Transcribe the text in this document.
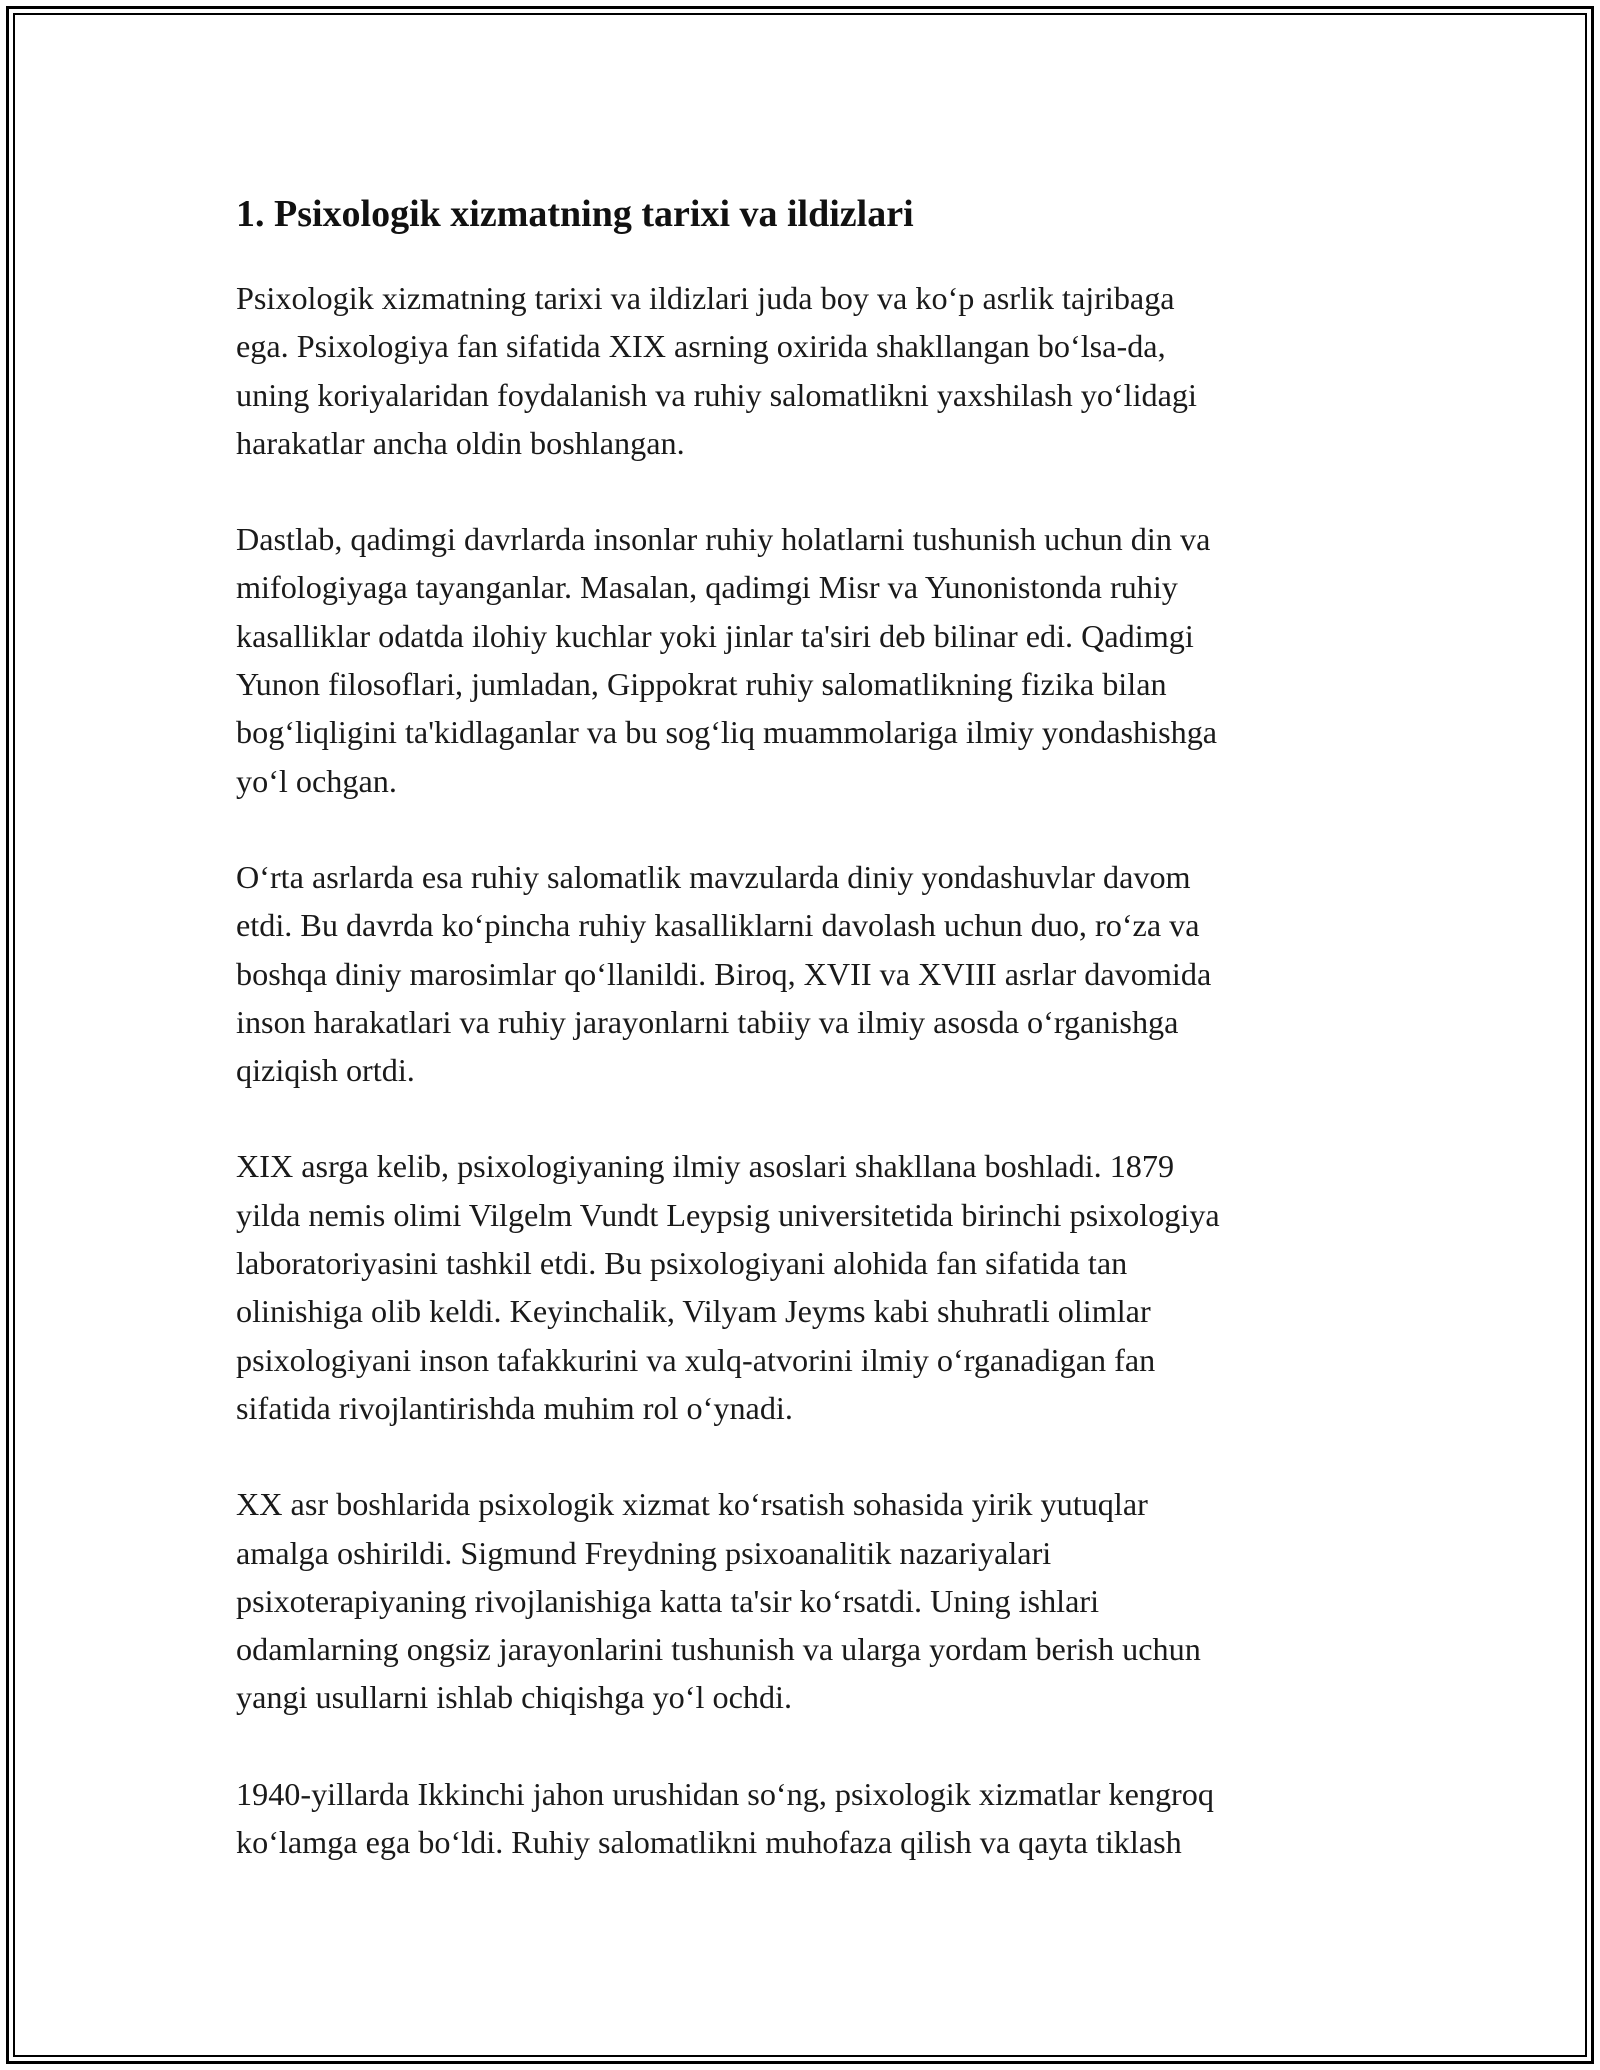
1. Psixologik xizmatning tarixi va ildizlari

Psixologik xizmatning tarixi va ildizlari juda boy va ko‘p asrlik tajribaga
ega. Psixologiya fan sifatida XIX asrning oxirida shakllangan bo‘lsa-da,
uning koriyalaridan foydalanish va ruhiy salomatlikni yaxshilash yo‘lidagi
harakatlar ancha oldin boshlangan.

Dastlab, qadimgi davrlarda insonlar ruhiy holatlarni tushunish uchun din va
mifologiyaga tayanganlar. Masalan, qadimgi Misr va Yunonistonda ruhiy
kasalliklar odatda ilohiy kuchlar yoki jinlar ta'siri deb bilinar edi. Qadimgi
Yunon filosoflari, jumladan, Gippokrat ruhiy salomatlikning fizika bilan
bog‘liqligini ta'kidlaganlar va bu sog‘liq muammolariga ilmiy yondashishga
yo‘l ochgan.

O‘rta asrlarda esa ruhiy salomatlik mavzularda diniy yondashuvlar davom
etdi. Bu davrda ko‘pincha ruhiy kasalliklarni davolash uchun duo, ro‘za va
boshqa diniy marosimlar qo‘llanildi. Biroq, XVII va XVIII asrlar davomida
inson harakatlari va ruhiy jarayonlarni tabiiy va ilmiy asosda o‘rganishga
qiziqish ortdi.

XIX asrga kelib, psixologiyaning ilmiy asoslari shakllana boshladi. 1879
yilda nemis olimi Vilgelm Vundt Leypsig universitetida birinchi psixologiya
laboratoriyasini tashkil etdi. Bu psixologiyani alohida fan sifatida tan
olinishiga olib keldi. Keyinchalik, Vilyam Jeyms kabi shuhratli olimlar
psixologiyani inson tafakkurini va xulq-atvorini ilmiy o‘rganadigan fan
sifatida rivojlantirishda muhim rol o‘ynadi.

XX asr boshlarida psixologik xizmat ko‘rsatish sohasida yirik yutuqlar
amalga oshirildi. Sigmund Freydning psixoanalitik nazariyalari
psixoterapiyaning rivojlanishiga katta ta'sir ko‘rsatdi. Uning ishlari
odamlarning ongsiz jarayonlarini tushunish va ularga yordam berish uchun
yangi usullarni ishlab chiqishga yo‘l ochdi.

1940-yillarda Ikkinchi jahon urushidan so‘ng, psixologik xizmatlar kengroq
ko‘lamga ega bo‘ldi. Ruhiy salomatlikni muhofaza qilish va qayta tiklash
